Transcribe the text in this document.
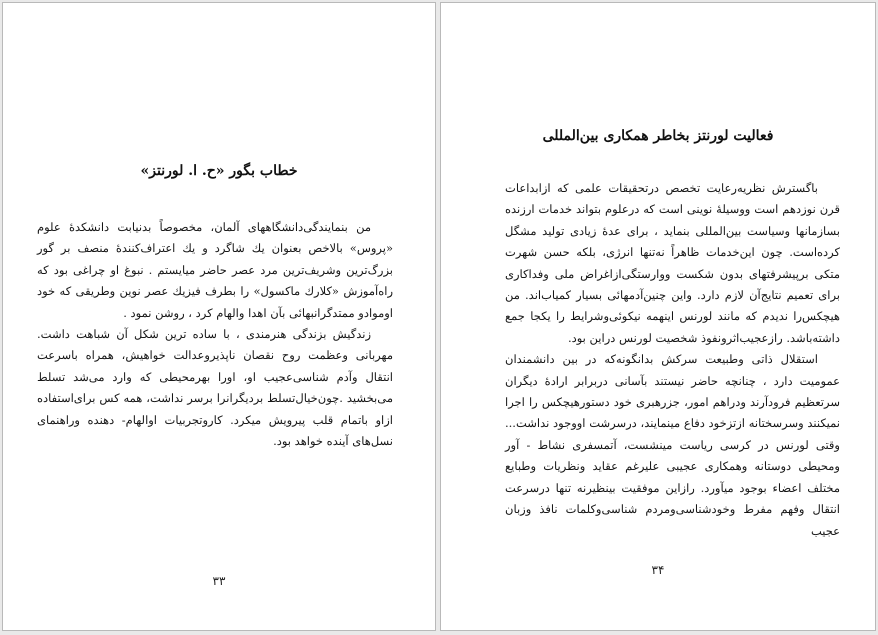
خطاب بگور «ح. ا. لورنتز»

من بنمایندگی‌دانشگاههای آلمان، مخصوصاً بدنیابت دانشکدهٔ علوم «پروس» بالاخص بعنوان یك شاگرد و یك اعتراف‌کنندهٔ منصف بر گور بزرگ‌ترین وشریف‌ترین مرد عصر حاضر میایستم . نبوغ او چراغی بود که راه‌آموزش «کلارك ماکسول» را بطرف فیزیك عصر نوین وطریقی که خود اوموادو ممتدگرانبهائی بآن اهدا والهام کرد ، روشن نمود .

زندگیش بزندگی هنرمندی ، با ساده ترین شکل آن شباهت داشت. مهربانی وعظمت روح نقصان ناپذیروعدالت خواهیش، همراه باسرعت انتقال وآدم شناسی‌عجیب او، اورا بهرمحیطی که وارد می‌شد تسلط می‌بخشید .چون‌خیال‌تسلط بردیگرانرا برسر نداشت، همه کس برای‌استفاده ازاو باتمام قلب پیرویش میکرد. کاروتجربیات اوالهام- دهنده وراهنمای نسل‌های آینده خواهد بود.

۳۳
فعالیت لورنتز بخاطر همکاری بین‌المللی

باگسترش نظریه‌رعایت تخصص درتحقیقات علمی که ازابداعات قرن نوزدهم است ووسیلهٔ نوینی است که درعلوم بتواند خدمات ارزنده بسازمانها وسیاست بین‌المللی بنماید ، برای عدهٔ زیادی تولید مشگل کرده‌است. چون این‌خدمات ظاهراً نه‌تنها انرژی، بلکه حسن شهرت متکی برپیشرفتهای بدون شکست ووارستگی‌ازاغراض ملی وفداکاری برای تعمیم نتایج‌آن لازم دارد. واین چنین‌آدمهائی بسیار کمیاب‌اند. من هیچکس‌را ندیدم که مانند لورنس اینهمه نیکوئی‌وشرایط را یکجا جمع داشته‌باشد. رازعجیب‌اثرونفوذ شخصیت لورنس دراین بود.

استقلال ذاتی وطبیعت سرکش بدانگونه‌که در بین دانشمندان عمومیت دارد ، چنانچه حاضر نیستند بآسانی دربرابر ارادهٔ دیگران سرتعظیم فرود‌آرند ودراهم امور، جزرهبری خود‌ دستورهیچکس را اجرا نمیکنند وسرسختانه ازتزخود دفاع مینمایند، درسرشت اووجود نداشت... وقتی لورنس در کرسی ریاست مینشست، آتمسفری نشاط - آور ومحیطی دوستانه وهمکاری عجیبی علیرغم عقاید ونظریات وطبایع مختلف اعضاء بوجود میآورد. رازاین موفقیت بینظیرنه تنها درسرعت انتقال وفهم مفرط وخودشناسی‌ومردم شناسی‌وکلمات نافذ وزبان عجیب

۳۴
